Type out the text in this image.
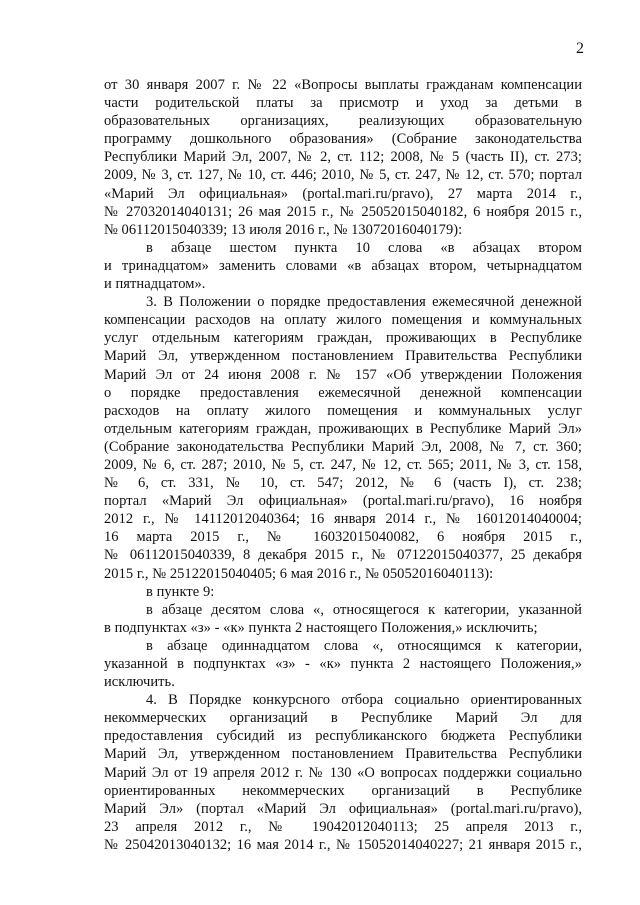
2
от 30 января 2007 г. № 22 «Вопросы выплаты гражданам компенсации
части родительской платы за присмотр и уход за детьми в
образовательных организациях, реализующих образовательную
программу дошкольного образования» (Собрание законодательства
Республики Марий Эл, 2007, № 2, ст. 112; 2008, № 5 (часть II), ст. 273;
2009, № 3, ст. 127, № 10, ст. 446; 2010, № 5, ст. 247, № 12, ст. 570; портал
«Марий Эл официальная» (portal.mari.ru/pravo), 27 марта 2014 г.,
№ 27032014040131; 26 мая 2015 г., № 25052015040182, 6 ноября 2015 г.,
№ 06112015040339; 13 июля 2016 г., № 13072016040179):
в абзаце шестом пункта 10 слова «в абзацах втором
и тринадцатом» заменить словами «в абзацах втором, четырнадцатом
и пятнадцатом».
3. В Положении о порядке предоставления ежемесячной денежной
компенсации расходов на оплату жилого помещения и коммунальных
услуг отдельным категориям граждан, проживающих в Республике
Марий Эл, утвержденном постановлением Правительства Республики
Марий Эл от 24 июня 2008 г. № 157 «Об утверждении Положения
о порядке предоставления ежемесячной денежной компенсации
расходов на оплату жилого помещения и коммунальных услуг
отдельным категориям граждан, проживающих в Республике Марий Эл»
(Собрание законодательства Республики Марий Эл, 2008, № 7, ст. 360;
2009, № 6, ст. 287; 2010, № 5, ст. 247, № 12, ст. 565; 2011, № 3, ст. 158,
№ 6, ст. 331, № 10, ст. 547; 2012, № 6 (часть I), ст. 238;
портал «Марий Эл официальная» (portal.mari.ru/pravo), 16 ноября
2012 г., № 14112012040364; 16 января 2014 г., № 16012014040004;
16 марта 2015 г., № 16032015040082, 6 ноября 2015 г.,
№ 06112015040339, 8 декабря 2015 г., № 07122015040377, 25 декабря
2015 г., № 25122015040405; 6 мая 2016 г., № 05052016040113):
в пункте 9:
в абзаце десятом слова «, относящегося к категории, указанной
в подпунктах «з» - «к» пункта 2 настоящего Положения,» исключить;
в абзаце одиннадцатом слова «, относящимся к категории,
указанной в подпунктах «з» - «к» пункта 2 настоящего Положения,»
исключить.
4. В Порядке конкурсного отбора социально ориентированных
некоммерческих организаций в Республике Марий Эл для
предоставления субсидий из республиканского бюджета Республики
Марий Эл, утвержденном постановлением Правительства Республики
Марий Эл от 19 апреля 2012 г. № 130 «О вопросах поддержки социально
ориентированных некоммерческих организаций в Республике
Марий Эл» (портал «Марий Эл официальная» (portal.mari.ru/pravo),
23 апреля 2012 г., № 19042012040113; 25 апреля 2013 г.,
№ 25042013040132; 16 мая 2014 г., № 15052014040227; 21 января 2015 г.,
